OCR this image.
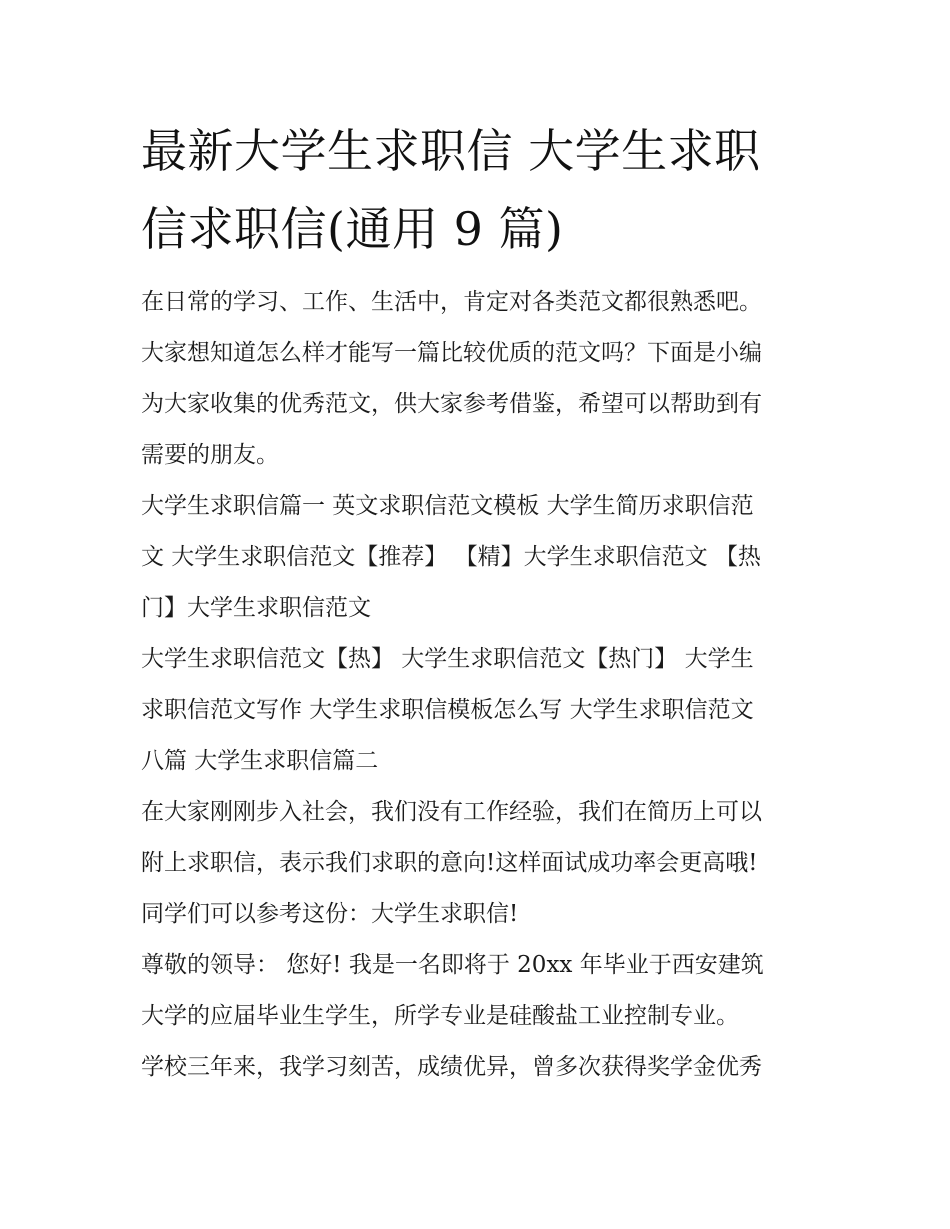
最新大学生求职信 大学生求职
信求职信(通用 9 篇)

在日常的学习、工作、生活中，肯定对各类范文都很熟悉吧。
大家想知道怎么样才能写一篇比较优质的范文吗？下面是小编
为大家收集的优秀范文，供大家参考借鉴，希望可以帮助到有
需要的朋友。

大学生求职信篇一 英文求职信范文模板 大学生简历求职信范
文 大学生求职信范文【推荐】 【精】大学生求职信范文 【热
门】大学生求职信范文

大学生求职信范文【热】 大学生求职信范文【热门】 大学生
求职信范文写作 大学生求职信模板怎么写 大学生求职信范文
八篇 大学生求职信篇二

在大家刚刚步入社会，我们没有工作经验，我们在简历上可以
附上求职信，表示我们求职的意向!这样面试成功率会更高哦!
同学们可以参考这份：大学生求职信!

尊敬的领导： 您好! 我是一名即将于 20xx 年毕业于西安建筑
大学的应届毕业生学生，所学专业是硅酸盐工业控制专业。
学校三年来，我学习刻苦，成绩优异，曾多次获得奖学金优秀
